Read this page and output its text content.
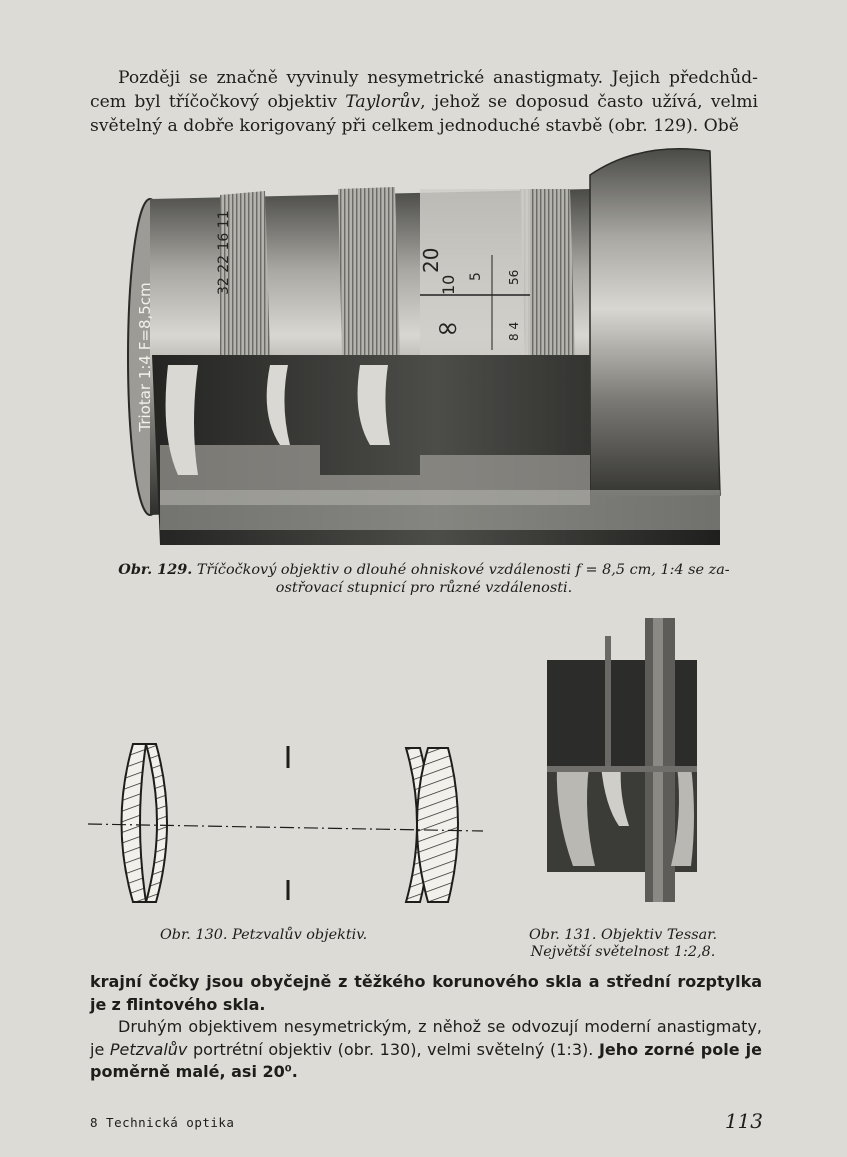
Později se značně vyvinuly nesymetrické anastigmaty. Jejich předchůd- cem byl tříčočkový objektiv Taylorův, jehož se doposud často užívá, velmi světelný a dobře korigovaný při celkem jednoduché stavbě (obr. 129). Obě

Triotar 1:4 F=8,5cm
32 22 16 11	20
10 5
∞
56
8 4

Obr. 129. Tříčočkový objektiv o dlouhé ohniskové vzdálenosti f = 8,5 cm, 1:4 se za-
ostřovací stupnicí pro různé vzdálenosti.

Obr. 130. Petzvalův objektiv.	Obr. 131. Objektiv Tessar.
Největší světelnost 1:2,8.

krajní čočky jsou obyčejně z těžkého korunového skla a střední rozptylka je z flintového skla.
Druhým objektivem nesymetrickým, z něhož se odvozují moderní anastigmaty, je Petzvalův portrétní objektiv (obr. 130), velmi světelný (1:3). Jeho zorné pole je poměrně malé, asi 20⁰.

8 Technická optika	113
